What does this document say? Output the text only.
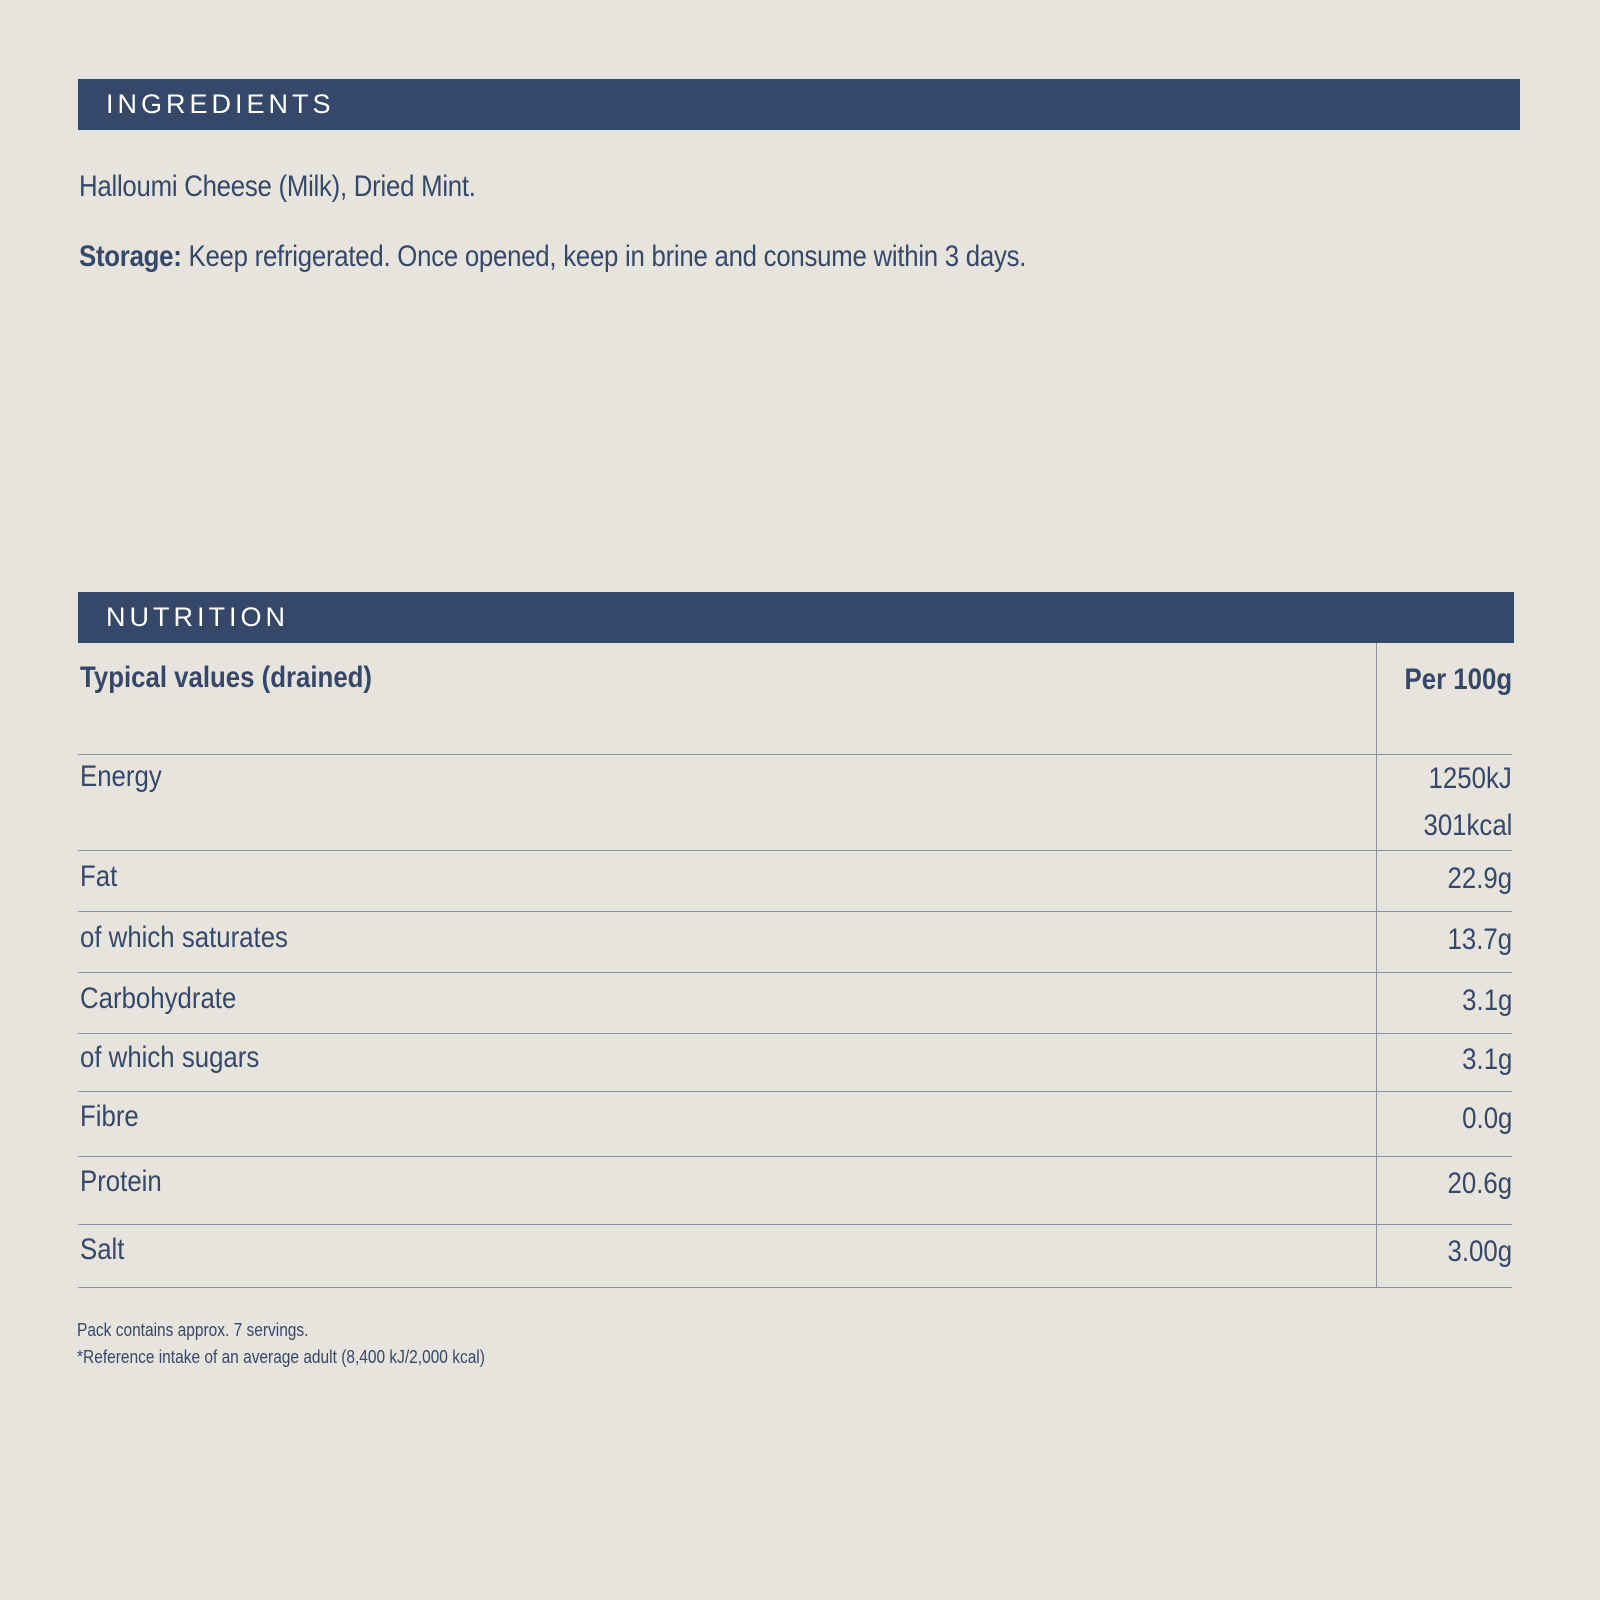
INGREDIENTS
Halloumi Cheese (Milk), Dried Mint.
Storage: Keep refrigerated. Once opened, keep in brine and consume within 3 days.
NUTRITION
Typical values (drained)	Per 100g
Energy	1250kJ
301kcal
Fat	22.9g
of which saturates	13.7g
Carbohydrate	3.1g
of which sugars	3.1g
Fibre	0.0g
Protein	20.6g
Salt	3.00g
Pack contains approx. 7 servings.
*Reference intake of an average adult (8,400 kJ/2,000 kcal)
